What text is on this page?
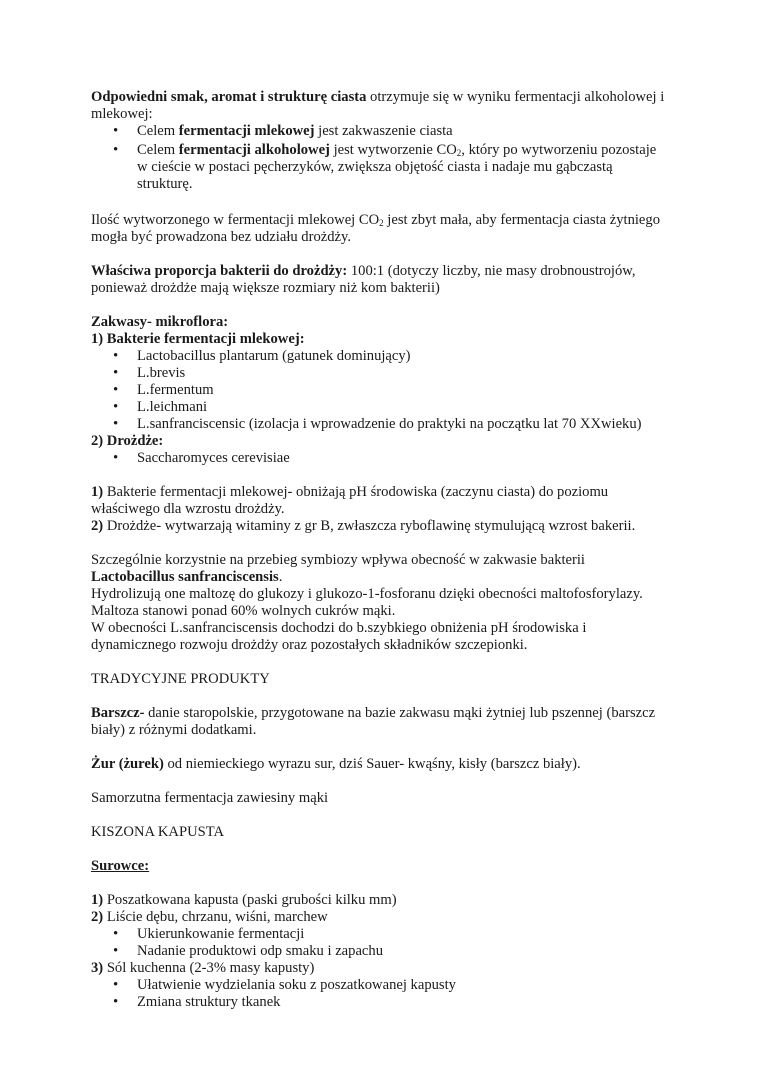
Odpowiedni smak, aromat i strukturę ciasta otrzymuje się w wyniku fermentacji alkoholowej i mlekowej:

• Celem fermentacji mlekowej jest zakwaszenie ciasta
• Celem fermentacji alkoholowej jest wytworzenie $CO_2$, który po wytworzeniu pozostaje w cieście w postaci pęcherzyków, zwiększa objętość ciasta i nadaje mu gąbczastą strukturę.

Ilość wytworzonego w fermentacji mlekowej $CO_2$ jest zbyt mała, aby fermentacja ciasta żytniego mogła być prowadzona bez udziału drożdży.

Właściwa proporcja bakterii do drożdży: 100:1 (dotyczy liczby, nie masy drobnoustrojów, ponieważ drożdże mają większe rozmiary niż kom bakterii)

Zakwasy- mikroflora:

1) Bakterie fermentacji mlekowej:

• Lactobacillus plantarum (gatunek dominujący)
• L.brevis
• L.fermentum
• L.leichmani
• L.sanfranciscensic (izolacja i wprowadzenie do praktyki na początku lat 70 XXwieku)

2) Drożdże:

• Saccharomyces cerevisiae

1) Bakterie fermentacji mlekowej- obniżają pH środowiska (zaczynu ciasta) do poziomu właściwego dla wzrostu drożdży.

2) Drożdże- wytwarzają witaminy z gr B, zwłaszcza ryboflawinę stymulującą wzrost bakerii.

Szczególnie korzystnie na przebieg symbiozy wpływa obecność w zakwasie bakterii Lactobacillus sanfranciscensis.

Hydrolizują one maltozę do glukozy i glukozo-1-fosforanu dzięki obecności maltofosforylazy.

Maltoza stanowi ponad 60% wolnych cukrów mąki.

W obecności L.sanfranciscensis dochodzi do b.szybkiego obniżenia pH środowiska i dynamicznego rozwoju drożdży oraz pozostałych składników szczepionki.

TRADYCYJNE PRODUKTY

Barszcz- danie staropolskie, przygotowane na bazie zakwasu mąki żytniej lub pszennej (barszcz biały) z różnymi dodatkami.

Żur (żurek) od niemieckiego wyrazu sur, dziś Sauer- kwąśny, kisły (barszcz biały).

Samorzutna fermentacja zawiesiny mąki

KISZONA KAPUSTA

Surowce:

1) Poszatkowana kapusta (paski grubości kilku mm)

2) Liście dębu, chrzanu, wiśni, marchew

• Ukierunkowanie fermentacji
• Nadanie produktowi odp smaku i zapachu

3) Sól kuchenna (2-3% masy kapusty)

• Ułatwienie wydzielania soku z poszatkowanej kapusty
• Zmiana struktury tkanek
